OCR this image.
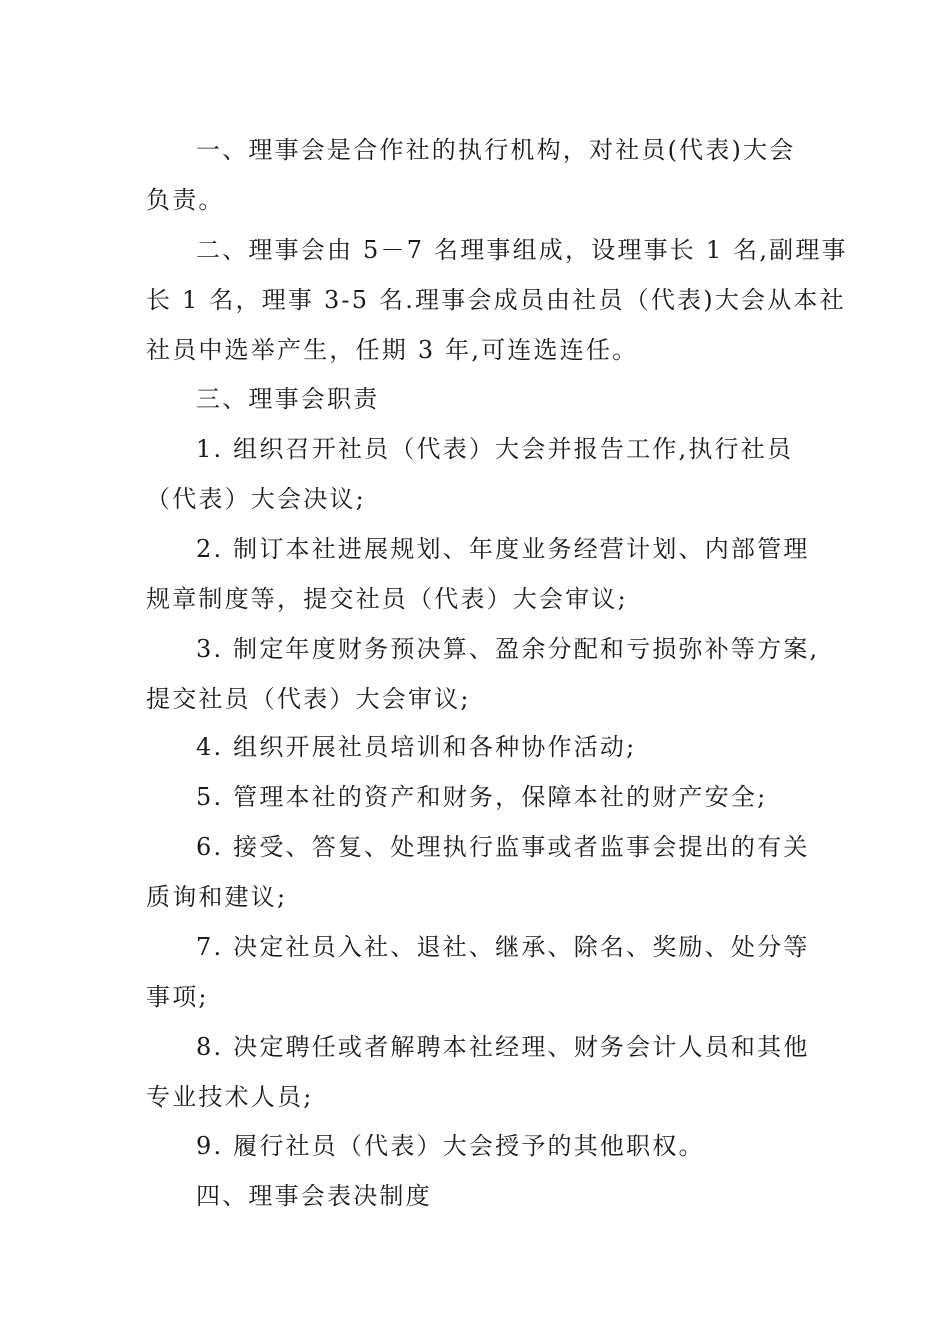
一、理事会是合作社的执行机构，对社员(代表)大会

负责。

二、理事会由 5－7 名理事组成，设理事长 1 名,副理事

长 1 名，理事 3-5 名.理事会成员由社员（代表)大会从本社

社员中选举产生，任期 3 年,可连选连任。

三、理事会职责

1. 组织召开社员（代表）大会并报告工作,执行社员

（代表）大会决议;

2. 制订本社进展规划、年度业务经营计划、内部管理

规章制度等，提交社员（代表）大会审议;

3. 制定年度财务预决算、盈余分配和亏损弥补等方案,

提交社员（代表）大会审议;

4. 组织开展社员培训和各种协作活动;

5. 管理本社的资产和财务，保障本社的财产安全;

6. 接受、答复、处理执行监事或者监事会提出的有关

质询和建议;

7. 决定社员入社、退社、继承、除名、奖励、处分等

事项;

8. 决定聘任或者解聘本社经理、财务会计人员和其他

专业技术人员;

9. 履行社员（代表）大会授予的其他职权。

四、理事会表决制度
